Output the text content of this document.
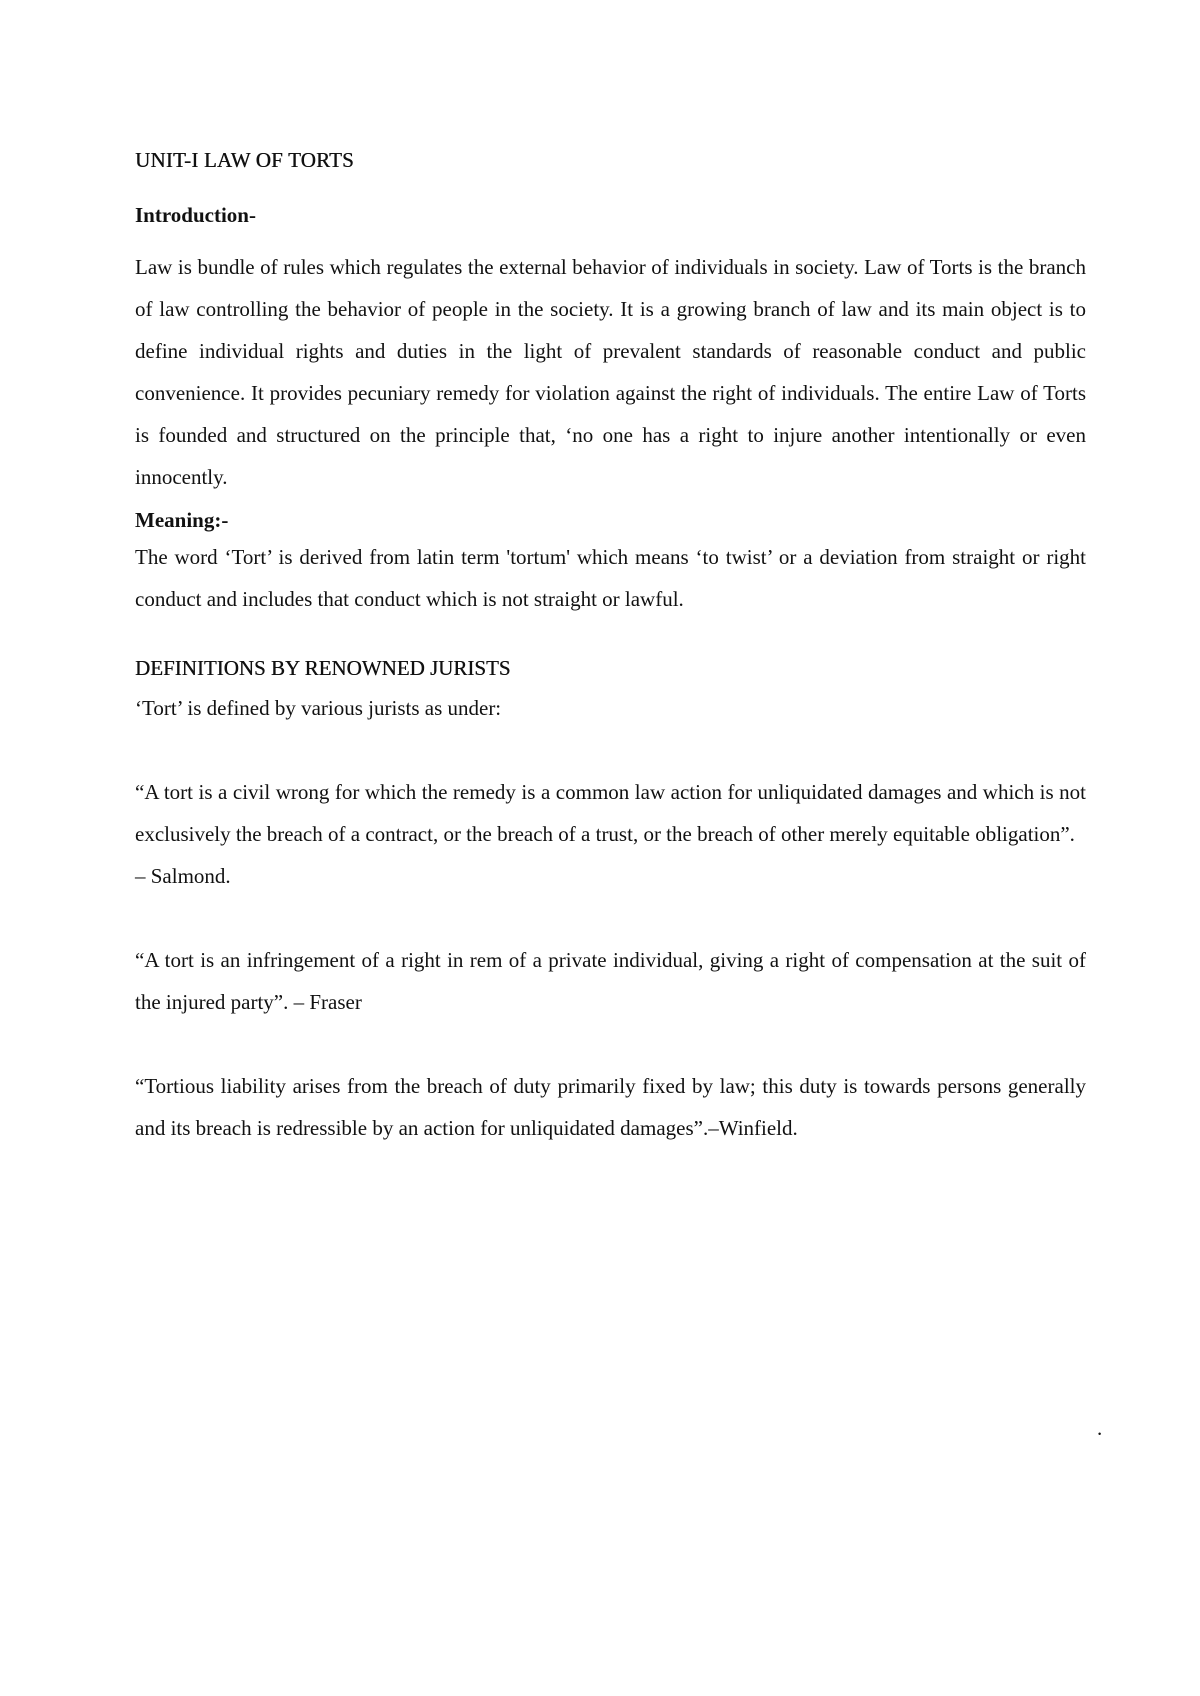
UNIT-I LAW OF TORTS
Introduction-

Law is bundle of rules which regulates the external behavior of individuals in society. Law of Torts is the branch of law controlling the behavior of people in the society. It is a growing branch of law and its main object is to define individual rights and duties in the light of prevalent standards of reasonable conduct and public convenience. It provides pecuniary remedy for violation against the right of individuals. The entire Law of Torts is founded and structured on the principle that, ‘no one has a right to injure another intentionally or even innocently.

Meaning:-

The word ‘Tort’ is derived from latin term 'tortum' which means ‘to twist’ or a deviation from straight or right conduct and includes that conduct which is not straight or lawful.

DEFINITIONS BY RENOWNED JURISTS

‘Tort’ is defined by various jurists as under:

“A tort is a civil wrong for which the remedy is a common law action for unliquidated damages and which is not exclusively the breach of a contract, or the breach of a trust, or the breach of other merely equitable obligation”.

– Salmond.

“A tort is an infringement of a right in rem of a private individual, giving a right of compensation at the suit of the injured party”. – Fraser

“Tortious liability arises from the breach of duty primarily fixed by law; this duty is towards persons generally and its breach is redressible by an action for unliquidated damages”.–Winfield.

.
